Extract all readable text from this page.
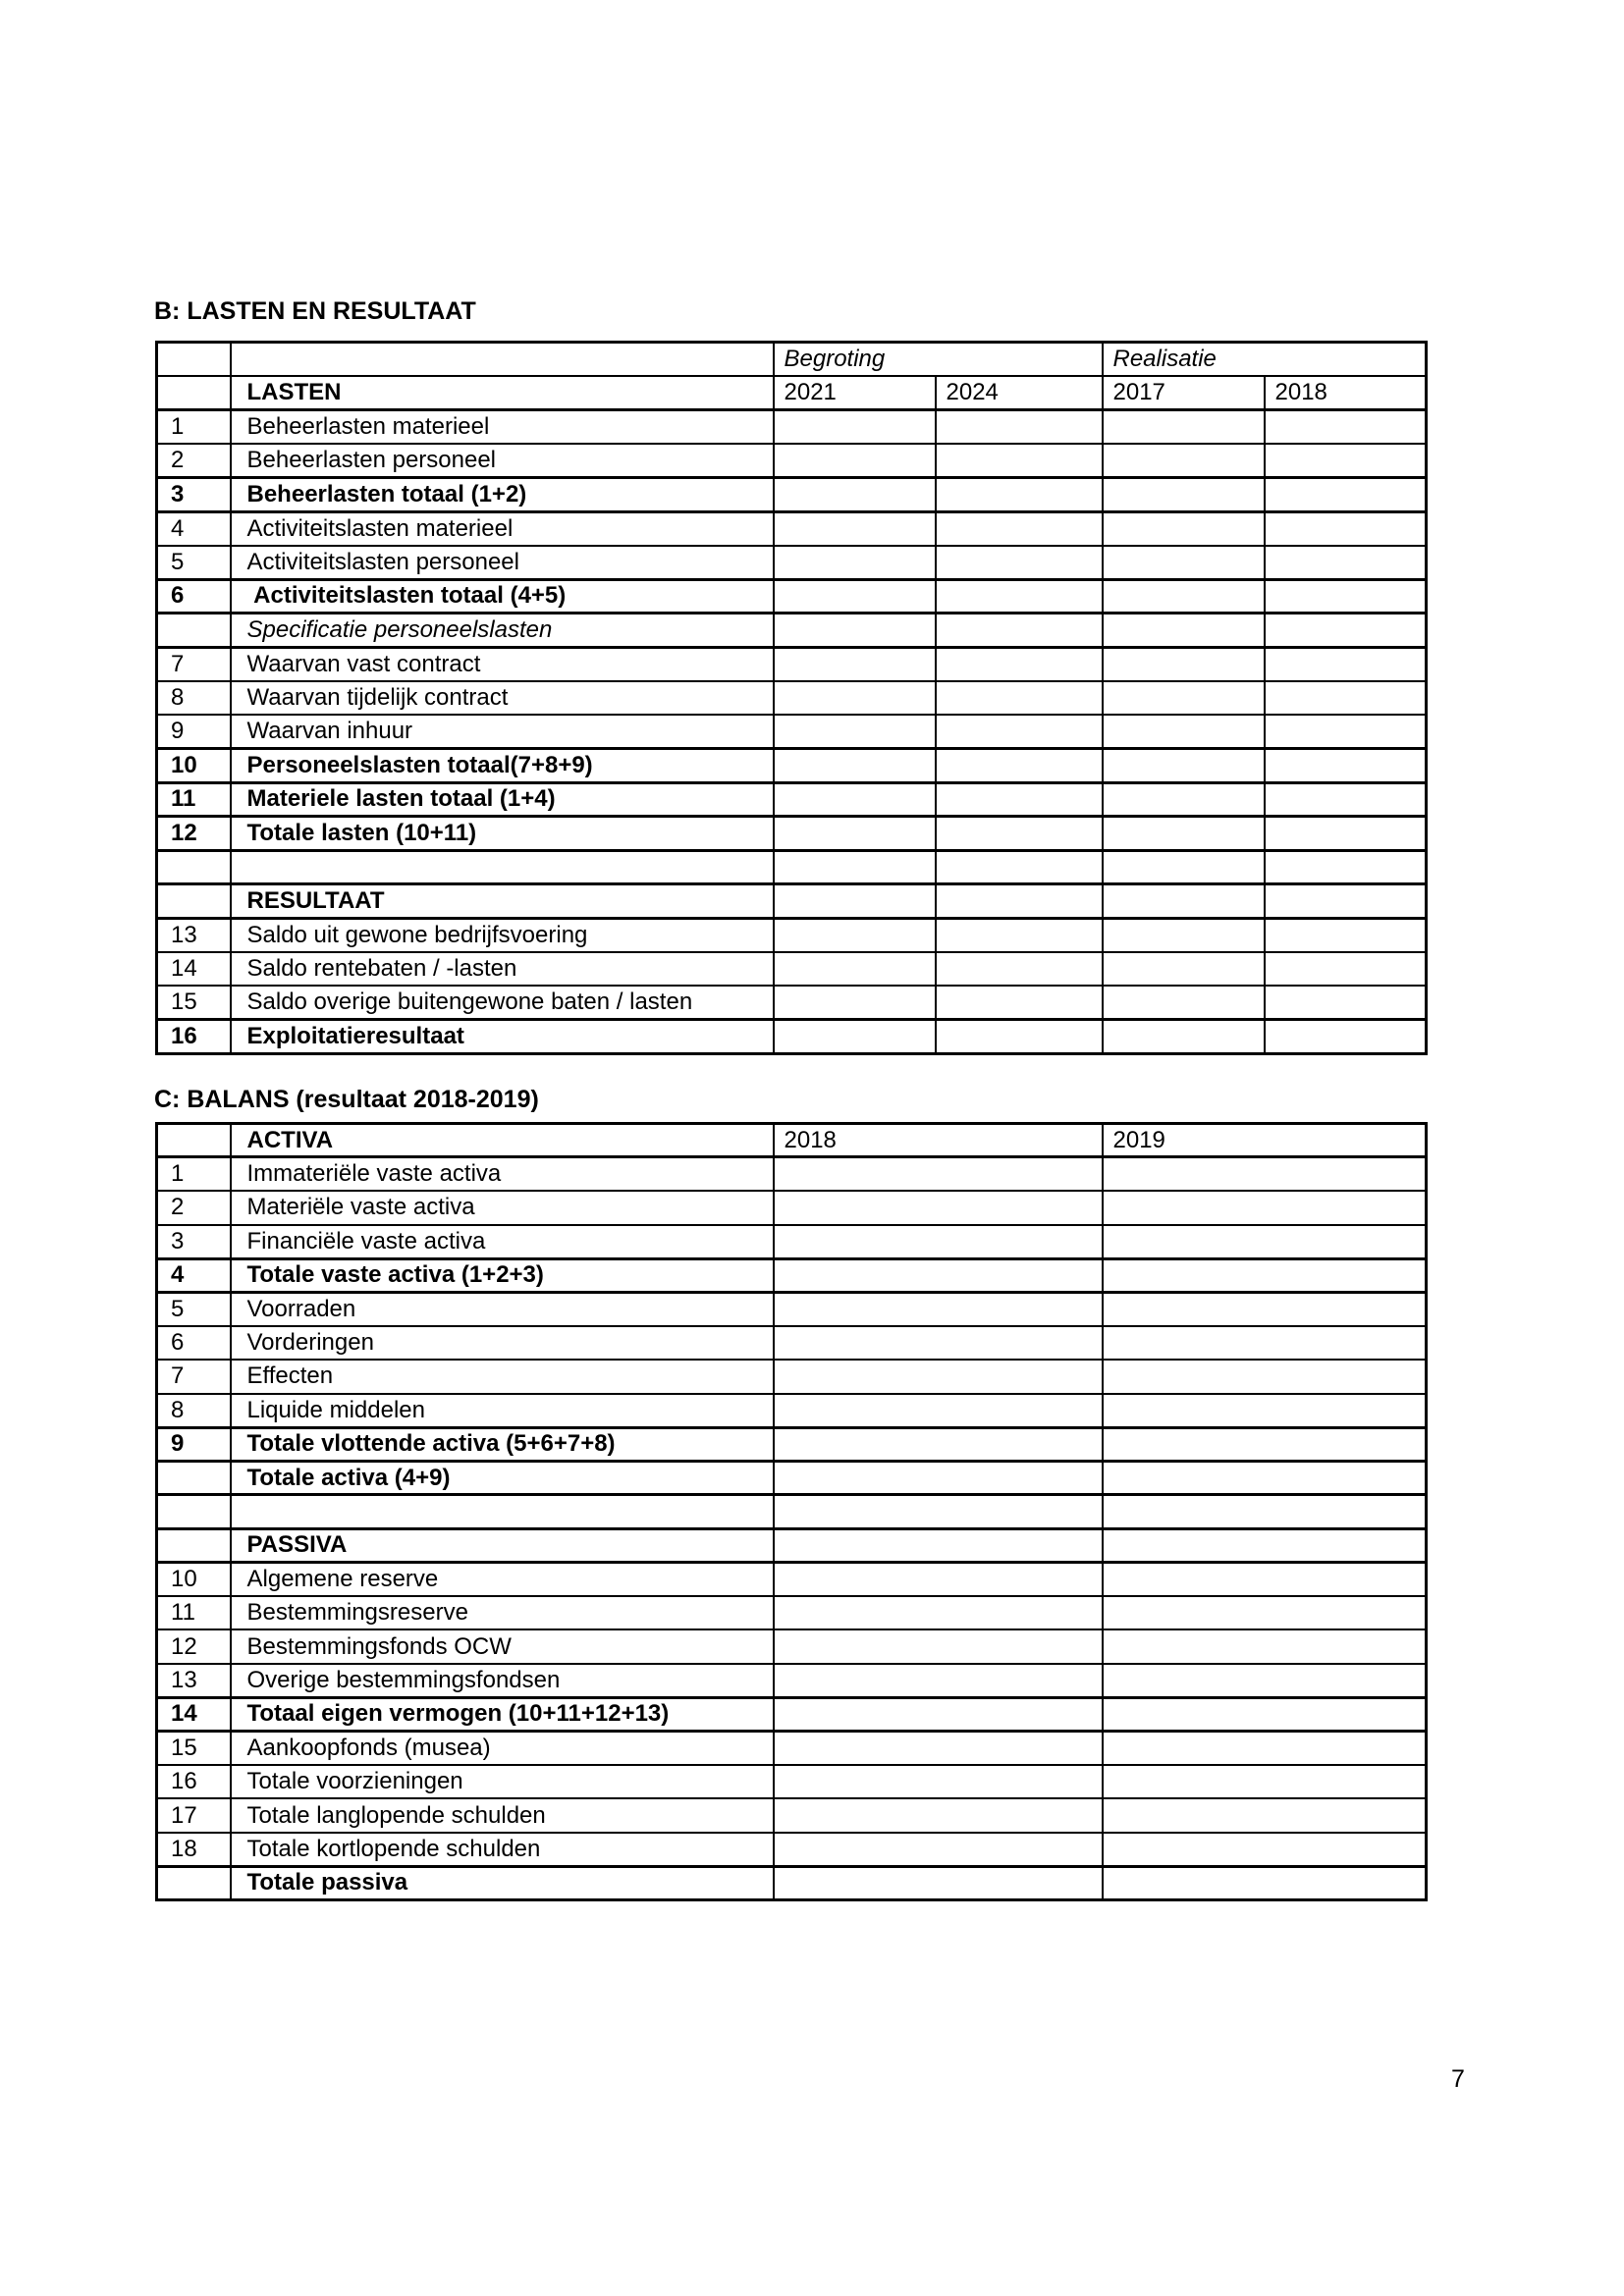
B: LASTEN EN RESULTAAT
		Begroting		Realisatie	
	LASTEN	2021	2024	2017	2018
1	Beheerlasten materieel				
2	Beheerlasten personeel				
3	Beheerlasten totaal (1+2)				
4	Activiteitslasten materieel				
5	Activiteitslasten personeel				
6	Activiteitslasten totaal (4+5)				
	Specificatie personeelslasten				
7	Waarvan vast contract				
8	Waarvan tijdelijk contract				
9	Waarvan inhuur				
10	Personeelslasten totaal(7+8+9)				
11	Materiele lasten totaal (1+4)				
12	Totale lasten (10+11)				

	RESULTAAT				
13	Saldo uit gewone bedrijfsvoering				
14	Saldo rentebaten / -lasten				
15	Saldo overige buitengewone baten / lasten				
16	Exploitatieresultaat				
C: BALANS (resultaat 2018-2019)
	ACTIVA	2018	2019
1	Immateriële vaste activa		
2	Materiële vaste activa		
3	Financiële vaste activa		
4	Totale vaste activa (1+2+3)		
5	Voorraden		
6	Vorderingen		
7	Effecten		
8	Liquide middelen		
9	Totale vlottende activa (5+6+7+8)		
	Totale activa (4+9)		

	PASSIVA		
10	Algemene reserve		
11	Bestemmingsreserve		
12	Bestemmingsfonds OCW		
13	Overige bestemmingsfondsen		
14	Totaal eigen vermogen (10+11+12+13)		
15	Aankoopfonds (musea)		
16	Totale voorzieningen		
17	Totale langlopende schulden		
18	Totale kortlopende schulden		
	Totale passiva		
7
